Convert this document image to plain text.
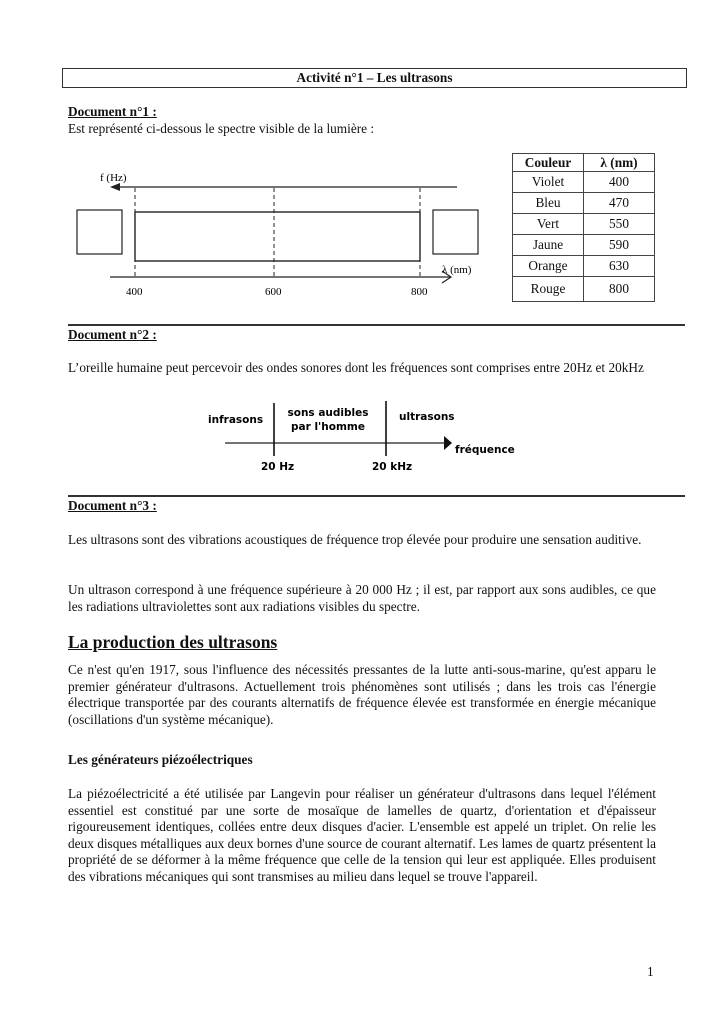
Activité n°1 – Les ultrasons
Document n°1 :
Est représenté ci-dessous le spectre visible de la lumière :
f (Hz)
λ (nm)
400	600	800
Couleur	λ (nm)
Violet	400
Bleu	470
Vert	550
Jaune	590
Orange	630
Rouge	800
Document n°2 :
L’oreille humaine peut percevoir des ondes sonores dont les fréquences sont comprises entre 20Hz et 20kHz
infrasons
sons audibles
par l'homme
ultrasons
fréquence
20 Hz	20 kHz
Document n°3 :
Les ultrasons sont des vibrations acoustiques de fréquence trop élevée pour produire une sensation auditive.
Un ultrason correspond à une fréquence supérieure à 20 000 Hz ; il est, par rapport aux sons audibles, ce que les radiations ultraviolettes sont aux radiations visibles du spectre.
La production des ultrasons
Ce n'est qu'en 1917, sous l'influence des nécessités pressantes de la lutte anti-sous-marine, qu'est apparu le premier générateur d'ultrasons. Actuellement trois phénomènes sont utilisés ; dans les trois cas l'énergie électrique transportée par des courants alternatifs de fréquence élevée est transformée en énergie mécanique (oscillations d'un système mécanique).
Les générateurs piézoélectriques
La piézoélectricité a été utilisée par Langevin pour réaliser un générateur d'ultrasons dans lequel l'élément essentiel est constitué par une sorte de mosaïque de lamelles de quartz, d'orientation et d'épaisseur rigoureusement identiques, collées entre deux disques d'acier. L'ensemble est appelé un triplet. On relie les deux disques métalliques aux deux bornes d'une source de courant alternatif. Les lames de quartz présentent la propriété de se déformer à la même fréquence que celle de la tension qui leur est appliquée. Elles produisent des vibrations mécaniques qui sont transmises au milieu dans lequel se trouve l'appareil.
1
